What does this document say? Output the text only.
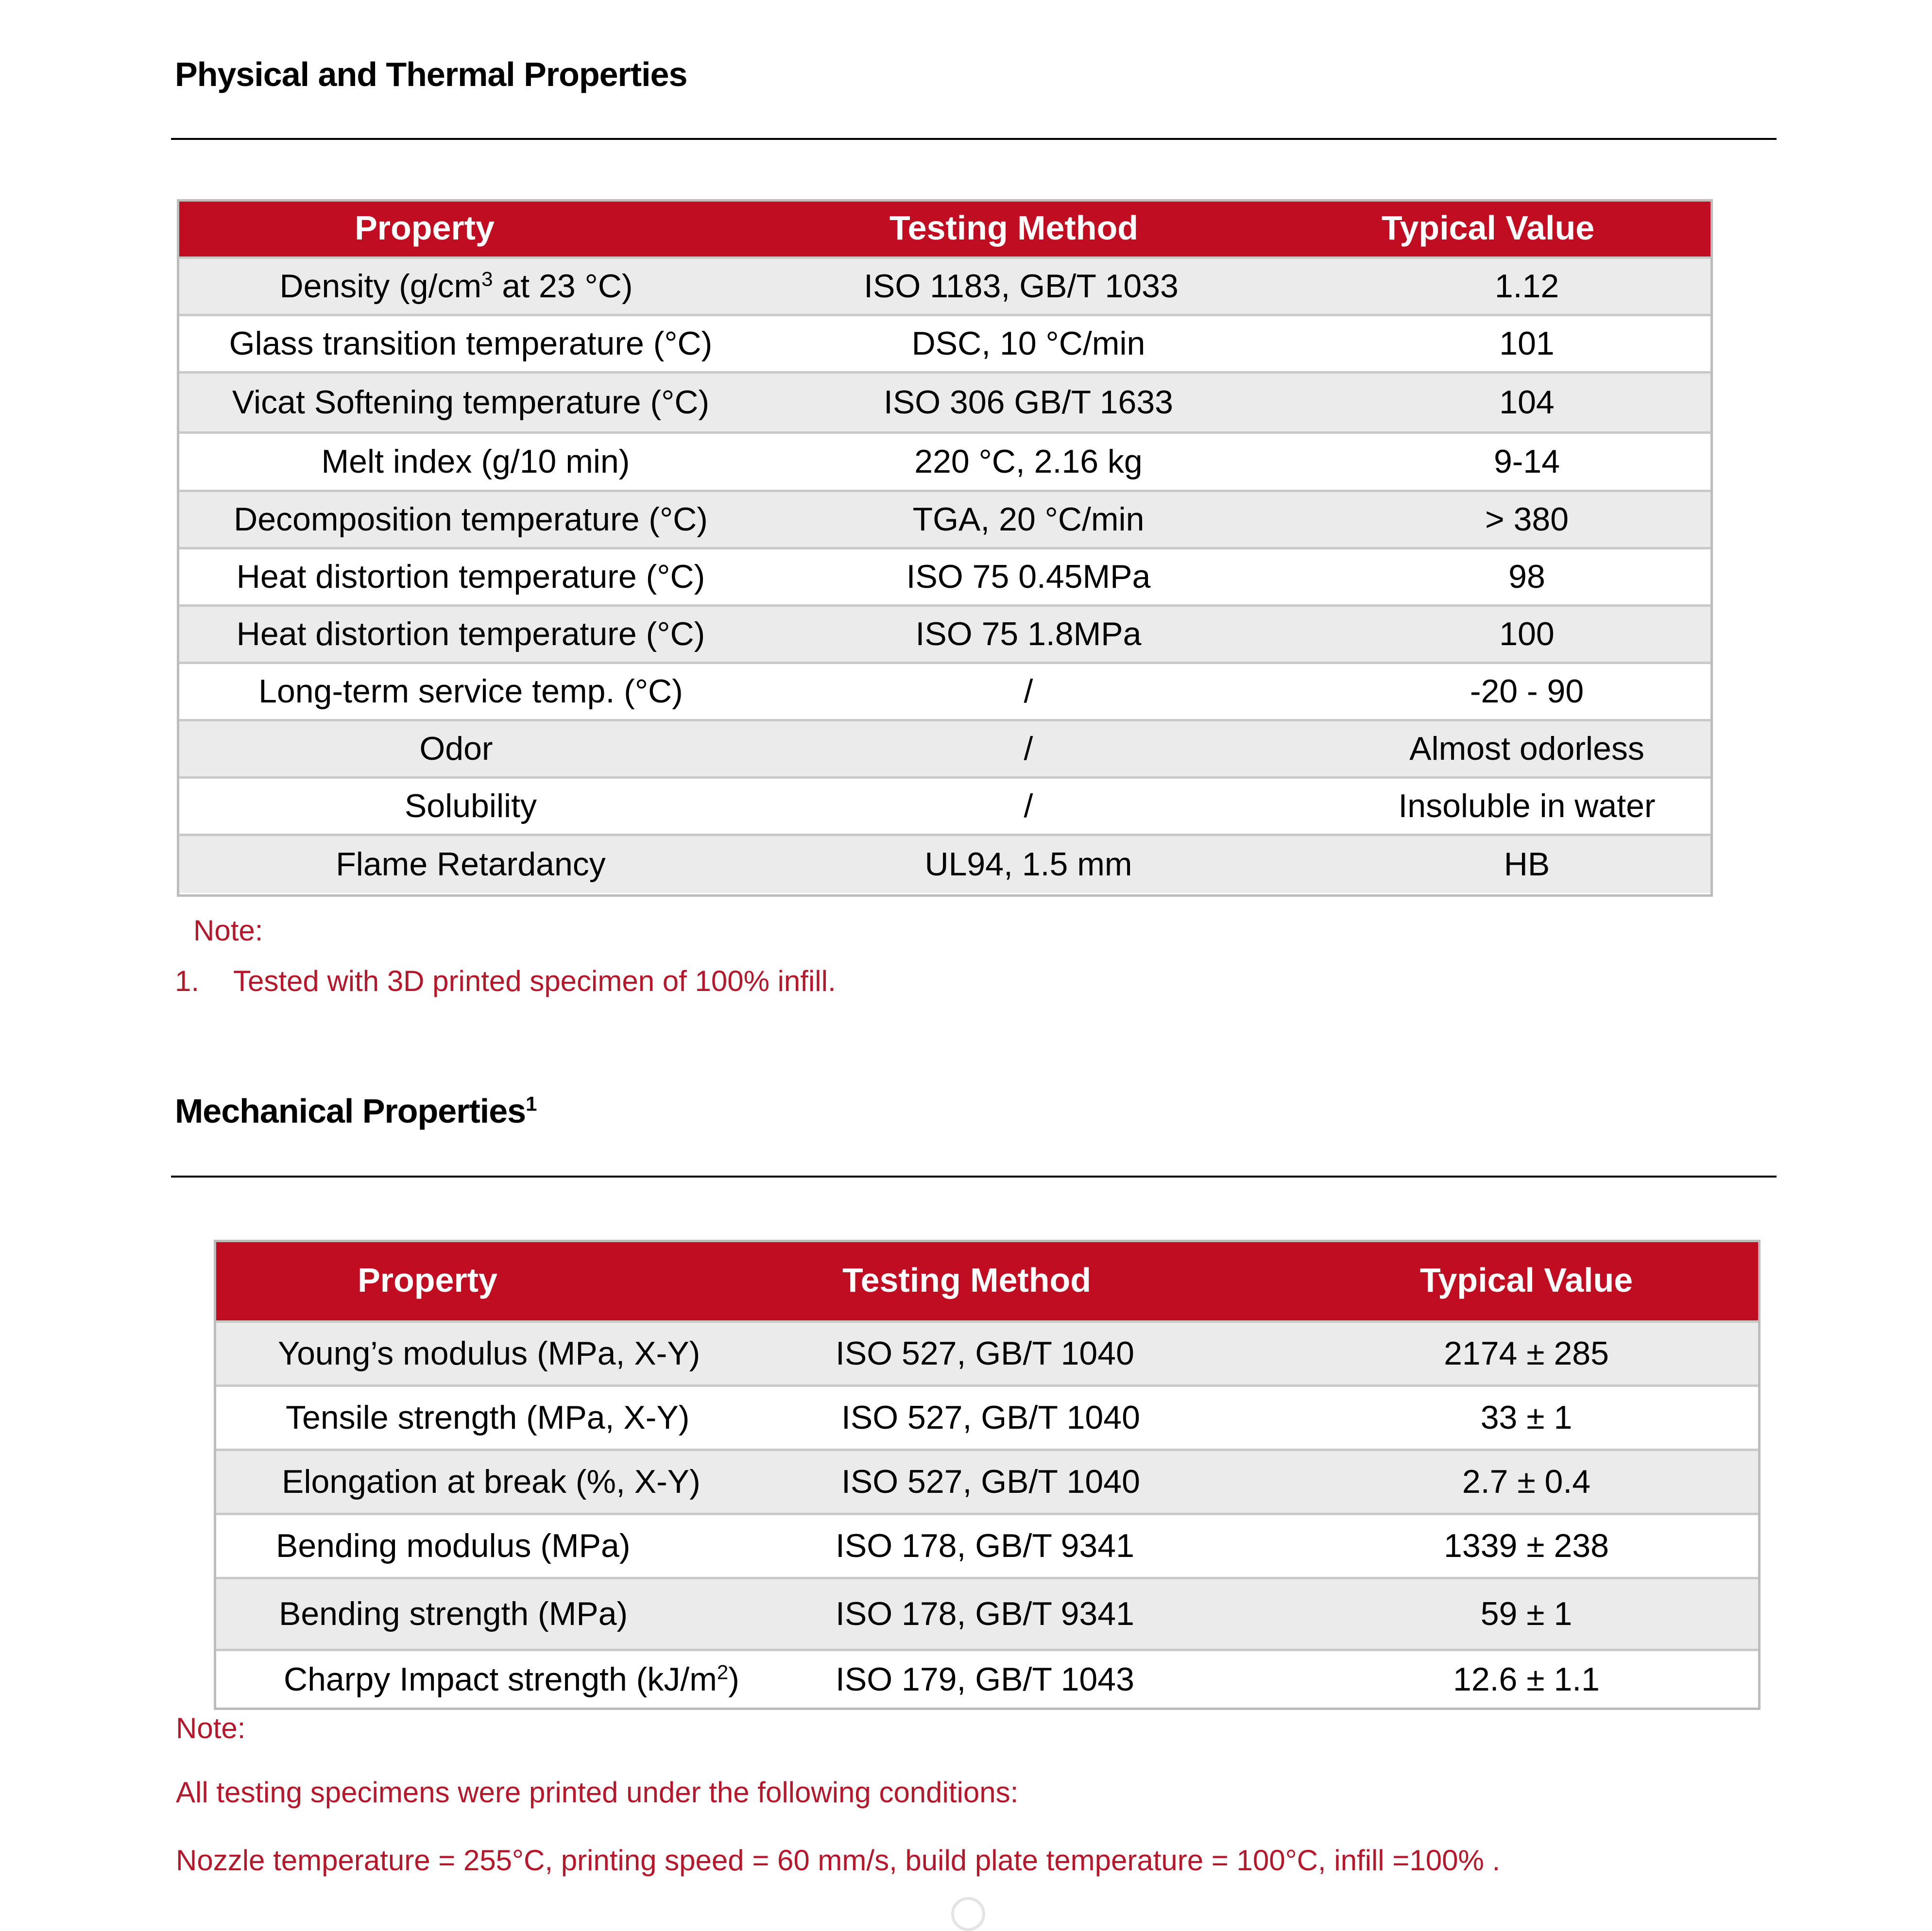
Physical and Thermal Properties
Property	Testing Method	Typical Value
Density ($g/cm^3$ at 23 °C)	ISO 1183, GB/T 1033	1.12
Glass transition temperature (°C)	DSC, 10 °C/min	101
Vicat Softening temperature (°C)	ISO 306 GB/T 1633	104
Melt index (g/10 min)	220 °C, 2.16 kg	9-14
Decomposition temperature (°C)	TGA, 20 °C/min	> 380
Heat distortion temperature (°C)	ISO 75 0.45MPa	98
Heat distortion temperature (°C)	ISO 75 1.8MPa	100
Long-term service temp. (°C)	/	-20 - 90
Odor	/	Almost odorless
Solubility	/	Insoluble in water
Flame Retardancy	UL94, 1.5 mm	HB

Note:

1. Tested with 3D printed specimen of 100% infill.

Mechanical Properties$^1$
Property	Testing Method	Typical Value
Young’s modulus (MPa, X-Y)	ISO 527, GB/T 1040	2174 ± 285
Tensile strength (MPa, X-Y)	ISO 527, GB/T 1040	33 ± 1
Elongation at break (%, X-Y)	ISO 527, GB/T 1040	2.7 ± 0.4
Bending modulus (MPa)	ISO 178, GB/T 9341	1339 ± 238
Bending strength (MPa)	ISO 178, GB/T 9341	59 ± 1
Charpy Impact strength $(kJ/m^2)$	ISO 179, GB/T 1043	12.6 ± 1.1

Note:

All testing specimens were printed under the following conditions:

Nozzle temperature = 255°C, printing speed = 60 mm/s, build plate temperature = 100°C, infill =100% .
